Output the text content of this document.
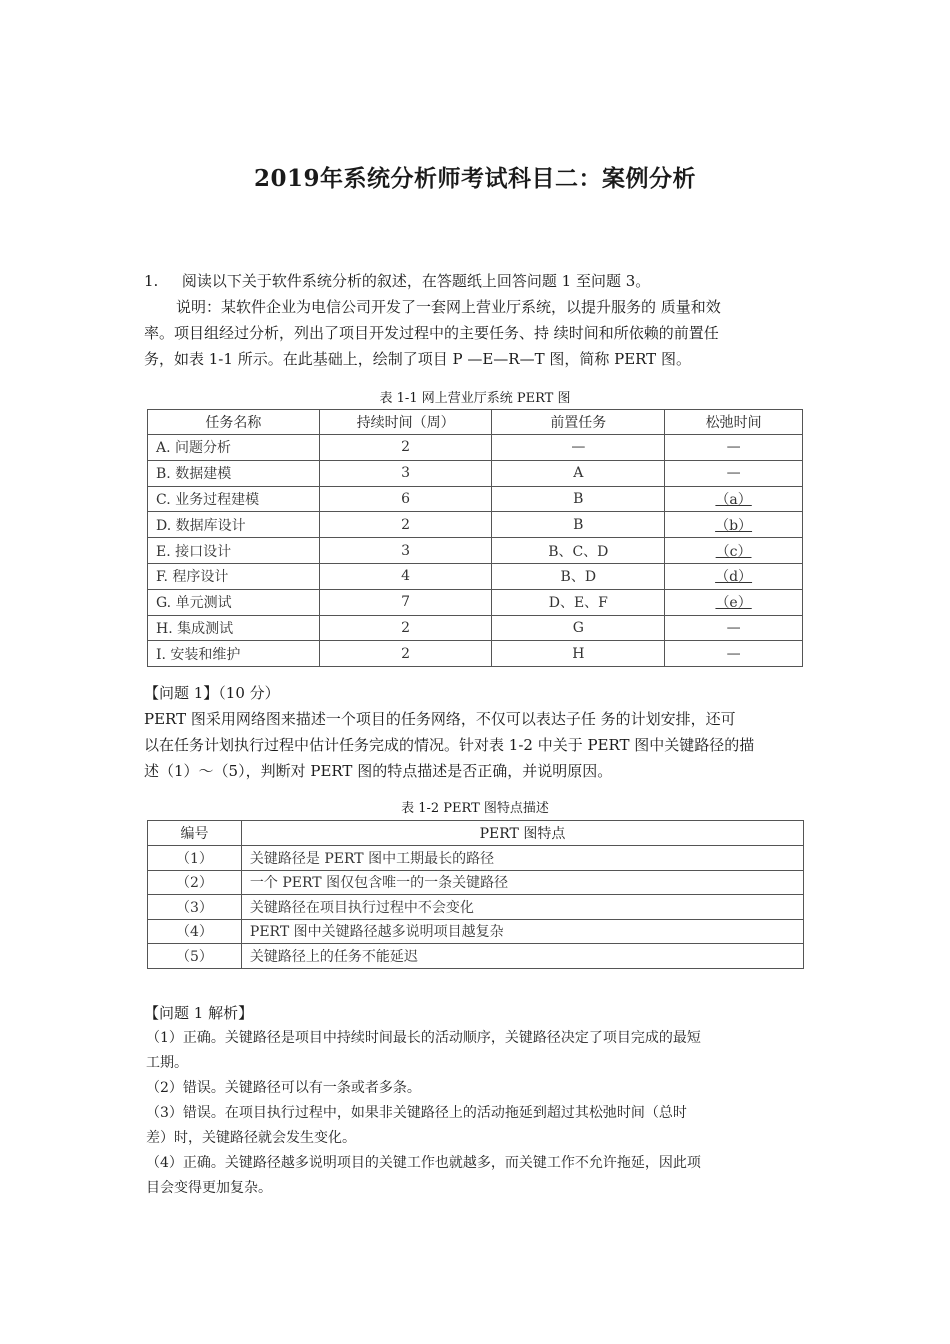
2019年系统分析师考试科目二：案例分析
1. 阅读以下关于软件系统分析的叙述，在答题纸上回答问题 1 至问题 3。
说明：某软件企业为电信公司开发了一套网上营业厅系统，以提升服务的 质量和效
率。项目组经过分析，列出了项目开发过程中的主要任务、持 续时间和所依赖的前置任
务，如表 1-1 所示。在此基础上，绘制了项目 P —E—R—T 图，简称 PERT 图。
表 1-1 网上营业厅系统 PERT 图
任务名称	持续时间（周）	前置任务	松弛时间
A. 问题分析	2	—	—
B. 数据建模	3	A	—
C. 业务过程建模	6	B	（a）
D. 数据库设计	2	B	（b）
E. 接口设计	3	B、C、D	（c）
F. 程序设计	4	B、D	（d）
G. 单元测试	7	D、E、F	（e）
H. 集成测试	2	G	—
I. 安装和维护	2	H	—
【问题 1】（10 分）
PERT 图采用网络图来描述一个项目的任务网络，不仅可以表达子任 务的计划安排，还可
以在任务计划执行过程中估计任务完成的情况。针对表 1-2 中关于 PERT 图中关键路径的描
述（1）～（5），判断对 PERT 图的特点描述是否正确，并说明原因。
表 1-2 PERT 图特点描述
编号	PERT 图特点
（1）	关键路径是 PERT 图中工期最长的路径
（2）	一个 PERT 图仅包含唯一的一条关键路径
（3）	关键路径在项目执行过程中不会变化
（4）	PERT 图中关键路径越多说明项目越复杂
（5）	关键路径上的任务不能延迟
【问题 1 解析】
（1）正确。关键路径是项目中持续时间最长的活动顺序，关键路径决定了项目完成的最短
工期。
（2）错误。关键路径可以有一条或者多条。
（3）错误。在项目执行过程中，如果非关键路径上的活动拖延到超过其松弛时间（总时
差）时，关键路径就会发生变化。
（4）正确。关键路径越多说明项目的关键工作也就越多，而关键工作不允许拖延，因此项
目会变得更加复杂。
